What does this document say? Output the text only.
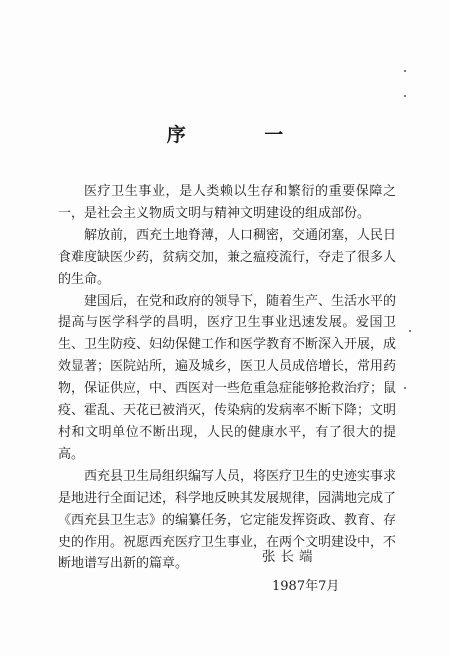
序 一

医疗卫生事业，是人类赖以生存和繁衍的重要保障之一，是社会主义物质文明与精神文明建设的组成部份。

解放前，西充土地脊薄，人口稠密，交通闭塞，人民日食难度缺医少药，贫病交加，兼之瘟疫流行，夺走了很多人的生命。

建国后，在党和政府的领导下，随着生产、生活水平的提高与医学科学的昌明，医疗卫生事业迅速发展。爱国卫生、卫生防疫、妇幼保健工作和医学教育不断深入开展，成效显著；医院站所，遍及城乡，医卫人员成倍增长，常用药物，保证供应，中、西医对一些危重急症能够抢救治疗；鼠疫、霍乱、天花已被消灭，传染病的发病率不断下降；文明村和文明单位不断出现，人民的健康水平，有了很大的提高。

西充县卫生局组织编写人员，将医疗卫生的史迹实事求是地进行全面记述，科学地反映其发展规律，园满地完成了《西充县卫生志》的编纂任务，它定能发挥资政、教育、存史的作用。祝愿西充医疗卫生事业，在两个文明建设中，不断地谱写出新的篇章。	张长端
1987年7月
